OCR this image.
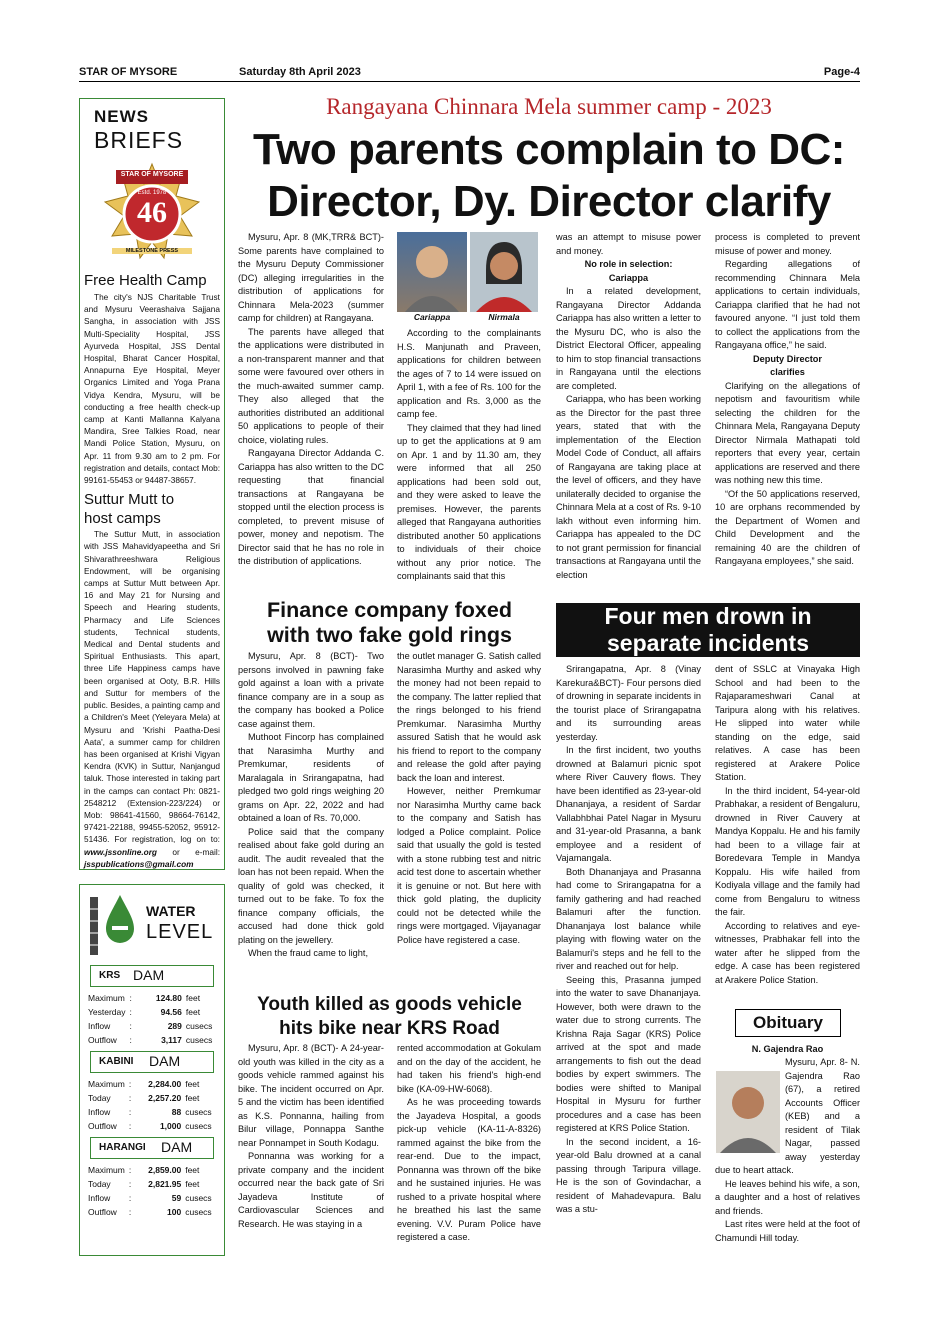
STAR OF MYSORE	Saturday 8th April 2023	Page-4
NEWS
BRIEFS
STAR OF MYSORE
Estd. 1978
46
MILESTONE PRESS
Free Health Camp

The city's NJS Charitable Trust and Mysuru Veerashaiva Sajjana Sangha, in association with JSS Multi-Speciality Hospital, JSS Ayurveda Hospital, JSS Dental Hospital, Bharat Cancer Hospital, Annapurna Eye Hospital, Meyer Organics Limited and Yoga Prana Vidya Kendra, Mysuru, will be conducting a free health check-up camp at Kanti Mallanna Kalyana Mandira, Sree Talkies Road, near Mandi Police Station, Mysuru, on Apr. 11 from 9.30 am to 2 pm. For registration and details, contact Mob: 99161-55453 or 94487-38657.

Suttur Mutt to
host camps

The Suttur Mutt, in association with JSS Mahavidyapeetha and Sri Shivarathreeshwara Religious Endowment, will be organising camps at Suttur Mutt between Apr. 16 and May 21 for Nursing and Speech and Hearing students, Pharmacy and Life Sciences students, Technical students, Medical and Dental students and Spiritual Enthusiasts. This apart, three Life Happiness camps have been organised at Ooty, B.R. Hills and Suttur for members of the public. Besides, a painting camp and a Children's Meet (Yeleyara Mela) at Mysuru and 'Krishi Paatha-Desi Aata', a summer camp for children has been organised at Krishi Vigyan Kendra (KVK) in Suttur, Nanjangud taluk. Those interested in taking part in the camps can contact Ph: 0821-2548212 (Extension-223/224) or Mob: 98641-41560, 98664-76142, 97421-22188, 99455-52052, 95912-51436. For registration, log on to: www.jssonline.org or e-mail: jsspublications@gmail.com

WATER
LEVEL
KRS DAM
Maximum	:	124.80	feet
Yesterday	:	94.56	feet
Inflow	:	289	cusecs
Outflow	:	3,117	cusecs
KABINI DAM
Maximum	:	2,284.00	feet
Today	:	2,257.20	feet
Inflow	:	88	cusecs
Outflow	:	1,000	cusecs
HARANGI DAM
Maximum	:	2,859.00	feet
Today	:	2,821.95	feet
Inflow	:	59	cusecs
Outflow	:	100	cusecs
Rangayana Chinnara Mela summer camp - 2023
Two parents complain to DC:
Director, Dy. Director clarify

Mysuru, Apr. 8 (MK,TRR& BCT)- Some parents have complained to the Mysuru Deputy Commissioner (DC) alleging irregularities in the distribution of applications for Chinnara Mela-2023 (summer camp for children) at Rangayana.

The parents have alleged that the applications were distributed in a non-transparent manner and that some were favoured over others in the much-awaited summer camp. They also alleged that the authorities distributed an additional 50 applications to people of their choice, violating rules.

Rangayana Director Addanda C. Cariappa has also written to the DC requesting that financial transactions at Rangayana be stopped until the election process is completed, to prevent misuse of power, money and nepotism. The Director said that he has no role in the distribution of applications.

Cariappa	Nirmala

According to the complainants H.S. Manjunath and Praveen, applications for children between the ages of 7 to 14 were issued on April 1, with a fee of Rs. 100 for the application and Rs. 3,000 as the camp fee.

They claimed that they had lined up to get the applications at 9 am on Apr. 1 and by 11.30 am, they were informed that all 250 applications had been sold out, and they were asked to leave the premises. However, the parents alleged that Rangayana authorities distributed another 50 applications to individuals of their choice without any prior notice. The complainants said that this

was an attempt to misuse power and money.

No role in selection:
Cariappa

In a related development, Rangayana Director Addanda Cariappa has also written a letter to the Mysuru DC, who is also the District Electoral Officer, appealing to him to stop financial transactions in Rangayana until the elections are completed.

Cariappa, who has been working as the Director for the past three years, stated that with the implementation of the Election Model Code of Conduct, all affairs of Rangayana are taking place at the level of officers, and they have unilaterally decided to organise the Chinnara Mela at a cost of Rs. 9-10 lakh without even informing him. Cariappa has appealed to the DC to not grant permission for financial transactions at Rangayana until the election

process is completed to prevent misuse of power and money.

Regarding allegations of recommending Chinnara Mela applications to certain individuals, Cariappa clarified that he had not favoured anyone. “I just told them to collect the applications from the Rangayana office,” he said.

Deputy Director
clarifies

Clarifying on the allegations of nepotism and favouritism while selecting the children for the Chinnara Mela, Rangayana Deputy Director Nirmala Mathapati told reporters that every year, certain applications are reserved and there was nothing new this time.

“Of the 50 applications reserved, 10 are orphans recommended by the Department of Women and Child Development and the remaining 40 are the children of Rangayana employees,” she said.

Finance company foxed
with two fake gold rings

Mysuru, Apr. 8 (BCT)- Two persons involved in pawning fake gold against a loan with a private finance company are in a soup as the company has booked a Police case against them.

Muthoot Fincorp has complained that Narasimha Murthy and Premkumar, residents of Maralagala in Srirangapatna, had pledged two gold rings weighing 20 grams on Apr. 22, 2022 and had obtained a loan of Rs. 70,000.

Police said that the company realised about fake gold during an audit. The audit revealed that the loan has not been repaid. When the quality of gold was checked, it turned out to be fake. To fox the finance company officials, the accused had done thick gold plating on the jewellery.

When the fraud came to light,

the outlet manager G. Satish called Narasimha Murthy and asked why the money had not been repaid to the company. The latter replied that the rings belonged to his friend Premkumar. Narasimha Murthy assured Satish that he would ask his friend to report to the company and release the gold after paying back the loan and interest.

However, neither Premkumar nor Narasimha Murthy came back to the company and Satish has lodged a Police complaint. Police said that usually the gold is tested with a stone rubbing test and nitric acid test done to ascertain whether it is genuine or not. But here with thick gold plating, the duplicity could not be detected while the rings were mortgaged. Vijayanagar Police have registered a case.

Youth killed as goods vehicle
hits bike near KRS Road

Mysuru, Apr. 8 (BCT)- A 24-year-old youth was killed in the city as a goods vehicle rammed against his bike. The incident occurred on Apr. 5 and the victim has been identified as K.S. Ponnanna, hailing from Bilur village, Ponnappa Santhe near Ponnampet in South Kodagu.

Ponnanna was working for a private company and the incident occurred near the back gate of Sri Jayadeva Institute of Cardiovascular Sciences and Research. He was staying in a

rented accommodation at Gokulam and on the day of the accident, he had taken his friend's high-end bike (KA-09-HW-6068).

As he was proceeding towards the Jayadeva Hospital, a goods pick-up vehicle (KA-11-A-8326) rammed against the bike from the rear-end. Due to the impact, Ponnanna was thrown off the bike and he sustained injuries. He was rushed to a private hospital where he breathed his last the same evening. V.V. Puram Police have registered a case.

Four men drown in
separate incidents

Srirangapatna, Apr. 8 (Vinay Karekura&BCT)- Four persons died of drowning in separate incidents in the tourist place of Srirangapatna and its surrounding areas yesterday.

In the first incident, two youths drowned at Balamuri picnic spot where River Cauvery flows. They have been identified as 23-year-old Dhananjaya, a resident of Sardar Vallabhbhai Patel Nagar in Mysuru and 31-year-old Prasanna, a bank employee and a resident of Vajamangala.

Both Dhananjaya and Prasanna had come to Srirangapatna for a family gathering and had reached Balamuri after the function. Dhananjaya lost balance while playing with flowing water on the Balamuri's steps and he fell to the river and reached out for help.

Seeing this, Prasanna jumped into the water to save Dhananjaya. However, both were drawn to the water due to strong currents. The Krishna Raja Sagar (KRS) Police arrived at the spot and made arrangements to fish out the dead bodies by expert swimmers. The bodies were shifted to Manipal Hospital in Mysuru for further procedures and a case has been registered at KRS Police Station.

In the second incident, a 16-year-old Balu drowned at a canal passing through Taripura village. He is the son of Govindachar, a resident of Mahadevapura. Balu was a stu-

dent of SSLC at Vinayaka High School and had been to the Rajaparameshwari Canal at Taripura along with his relatives. He slipped into water while standing on the edge, said relatives. A case has been registered at Arakere Police Station.

In the third incident, 54-year-old Prabhakar, a resident of Bengaluru, drowned in River Cauvery at Mandya Koppalu. He and his family had been to a village fair at Boredevara Temple in Mandya Koppalu. His wife hailed from Kodiyala village and the family had come from Bengaluru to witness the fair.

According to relatives and eye-witnesses, Prabhakar fell into the water after he slipped from the edge. A case has been registered at Arakere Police Station.

Obituary
N. Gajendra Rao

Mysuru, Apr. 8- N. Gajendra Rao (67), a retired Accounts Officer (KEB) and a resident of Tilak Nagar, passed away yesterday due to heart attack.

He leaves behind his wife, a son, a daughter and a host of relatives and friends.

Last rites were held at the foot of Chamundi Hill today.
